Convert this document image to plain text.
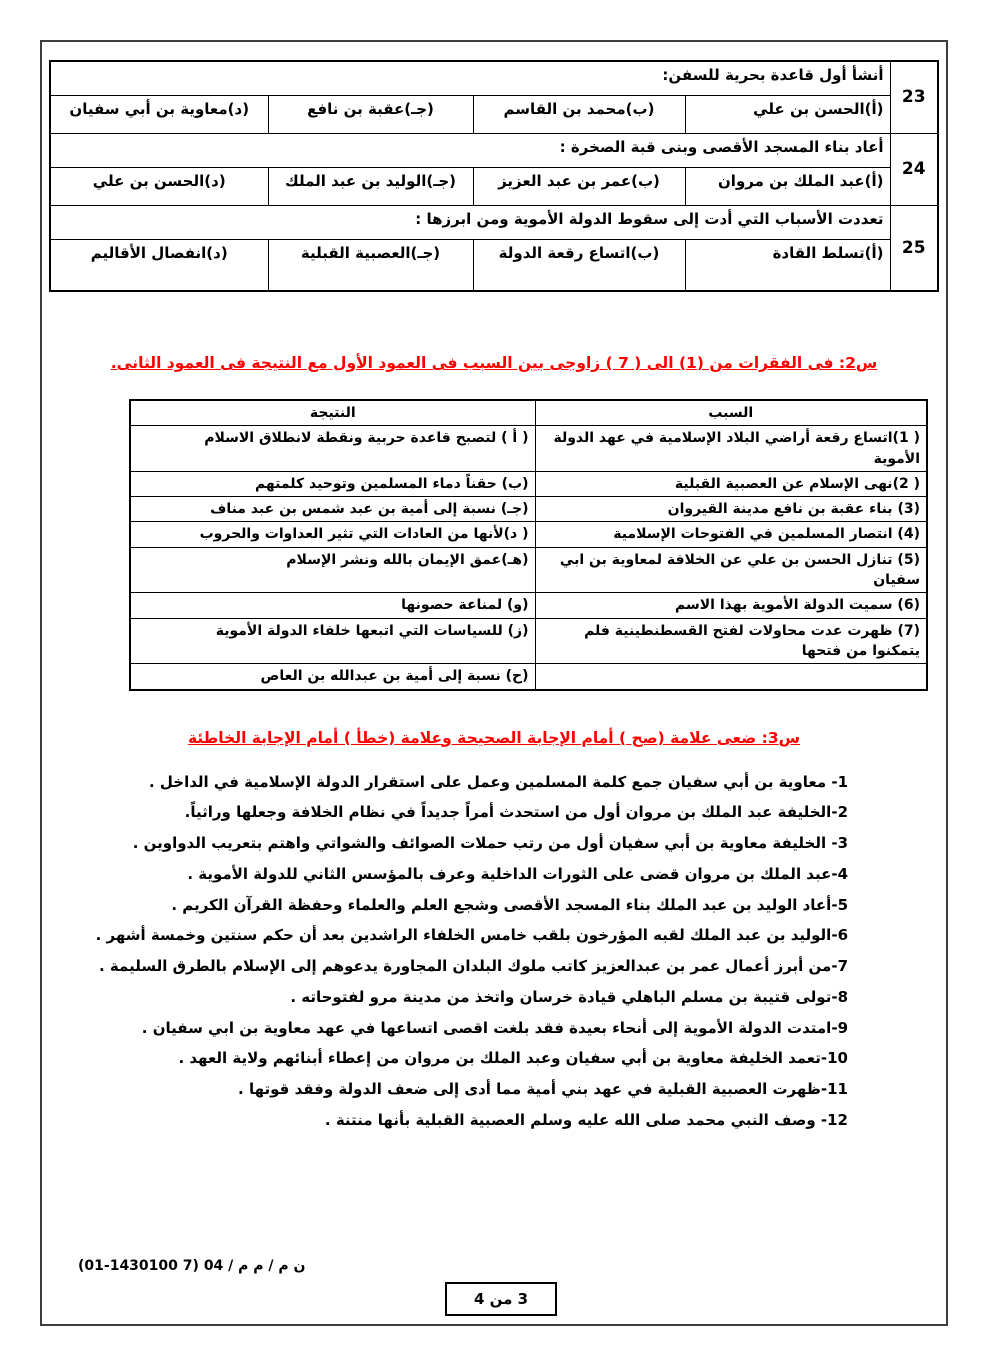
23	أنشأ أول قاعدة بحرية للسفن:			
	(أ)الحسن بن علي	(ب)محمد بن القاسم	(جـ)عقبة بن نافع	(د)معاوية بن أبي سفيان
24	أعاد بناء المسجد الأقصى وبنى قبة الصخرة :			
	(أ)عبد الملك بن مروان	(ب)عمر بن عبد العزيز	(جـ)الوليد بن عبد الملك	(د)الحسن بن علي
25	تعددت الأسباب التي أدت إلى سقوط الدولة الأموية ومن ابرزها :			
	(أ)تسلط القادة	(ب)اتساع رقعة الدولة	(جـ)العصبية القبلية	(د)انفصال الأقاليم
س2: فى الفقرات من (1) الى ( 7 ) زاوجى بين السبب فى العمود الأول مع النتيجة فى العمود الثانى.
السبب	النتيجة
( 1)اتساع رقعة أراضي البلاد الإسلامية في عهد الدولة الأموية	( أ ) لتصبح قاعدة حربية ونقطة لانطلاق الاسلام
( 2)نهى الإسلام عن العصبية القبلية	(ب) حقناً دماء المسلمين وتوحيد كلمتهم
(3) بناء عقبة بن نافع مدينة القيروان	(جـ) نسبة إلى أمية بن عبد شمس بن عبد مناف
(4) انتصار المسلمين في الفتوحات الإسلامية	( د)لأنها من العادات التي تثير العداوات والحروب
(5) تنازل الحسن بن علي عن الخلافة لمعاوية بن ابي سفيان	(هـ)عمق الإيمان بالله ونشر الإسلام
(6) سميت الدولة الأموية بهذا الاسم	(و) لمناعة حصونها
(7) ظهرت عدت محاولات لفتح القسطنطينية فلم يتمكنوا من فتحها	(ز) للسياسات التي اتبعها خلفاء الدولة الأموية
	(ح) نسبة إلى أمية بن عبدالله بن العاص
س3: ضعى علامة (صح ) أمام الإجابة الصحيحة وعلامة (خطأ ) أمام الإجابة الخاطئة
1- معاوية بن أبي سفيان جمع كلمة المسلمين وعمل على استقرار الدولة الإسلامية في الداخل .
2-الخليفة عبد الملك بن مروان أول من استحدث أمراً جديداً في نظام الخلافة وجعلها وراثياً.
3- الخليفة معاوية بن أبي سفيان أول من رتب حملات الصوائف والشواتي واهتم بتعريب الدواوين .
4-عبد الملك بن مروان قضى على الثورات الداخلية وعرف بالمؤسس الثاني للدولة الأموية .
5-أعاد الوليد بن عبد الملك بناء المسجد الأقصى وشجع العلم والعلماء وحفظة القرآن الكريم .
6-الوليد بن عبد الملك لقبه المؤرخون بلقب خامس الخلفاء الراشدين بعد أن حكم سنتين وخمسة أشهر .
7-من أبرز أعمال عمر بن عبدالعزيز كاتب ملوك البلدان المجاورة يدعوهم إلى الإسلام بالطرق السليمة .
8-تولى قتيبة بن مسلم الباهلي قيادة خرسان واتخذ من مدينة مرو لفتوحاته .
9-امتدت الدولة الأموية إلى أنحاء بعيدة فقد بلغت اقصى اتساعها في عهد معاوية بن ابي سفيان .
10-تعمد الخليفة معاوية بن أبي سفيان وعبد الملك بن مروان من إعطاء أبنائهم ولاية العهد .
11-ظهرت العصبية القبلية في عهد بني أمية مما أدى إلى ضعف الدولة وفقد قوتها .
12- وصف النبي محمد صلى الله عليه وسلم العصبية القبلية بأنها منتنة .
ن م / م م / 04 (7 1430100-01)
3 من 4
